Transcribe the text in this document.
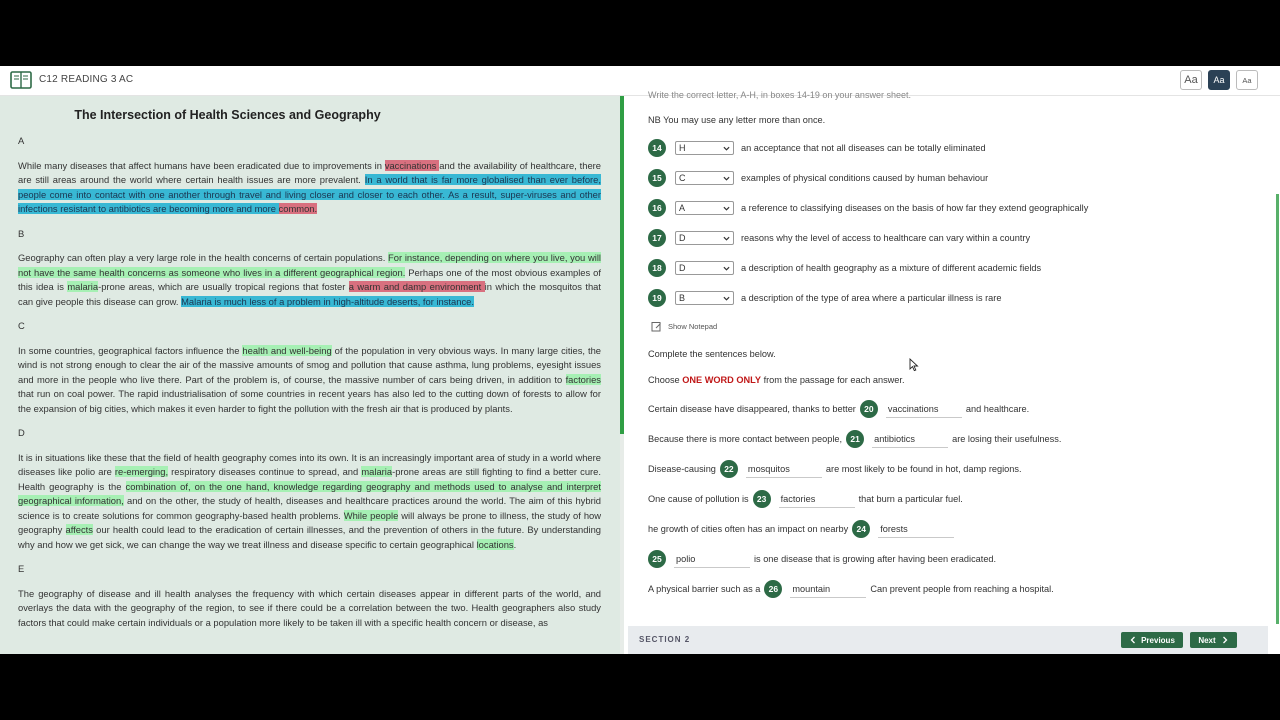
C12 READING 3 AC	Aa	Aa	Aa
The Intersection of Health Sciences and Geography
A
While many diseases that affect humans have been eradicated due to improvements in vaccinations and the availability of healthcare, there are still areas around the world where certain health issues are more prevalent. In a world that is far more globalised than ever before, people come into contact with one another through travel and living closer and closer to each other. As a result, super-viruses and other infections resistant to antibiotics are becoming more and more common.
B
Geography can often play a very large role in the health concerns of certain populations. For instance, depending on where you live, you will not have the same health concerns as someone who lives in a different geographical region. Perhaps one of the most obvious examples of this idea is malaria-prone areas, which are usually tropical regions that foster a warm and damp environment in which the mosquitos that can give people this disease can grow. Malaria is much less of a problem in high-altitude deserts, for instance.
C
In some countries, geographical factors influence the health and well-being of the population in very obvious ways. In many large cities, the wind is not strong enough to clear the air of the massive amounts of smog and pollution that cause asthma, lung problems, eyesight issues and more in the people who live there. Part of the problem is, of course, the massive number of cars being driven, in addition to factories that run on coal power. The rapid industrialisation of some countries in recent years has also led to the cutting down of forests to allow for the expansion of big cities, which makes it even harder to fight the pollution with the fresh air that is produced by plants.
D
It is in situations like these that the field of health geography comes into its own. It is an increasingly important area of study in a world where diseases like polio are re-emerging, respiratory diseases continue to spread, and malaria-prone areas are still fighting to find a better cure. Health geography is the combination of, on the one hand, knowledge regarding geography and methods used to analyse and interpret geographical information, and on the other, the study of health, diseases and healthcare practices around the world. The aim of this hybrid science is to create solutions for common geography-based health problems. While people will always be prone to illness, the study of how geography affects our health could lead to the eradication of certain illnesses, and the prevention of others in the future. By understanding why and how we get sick, we can change the way we treat illness and disease specific to certain geographical locations.
E
The geography of disease and ill health analyses the frequency with which certain diseases appear in different parts of the world, and overlays the data with the geography of the region, to see if there could be a correlation between the two. Health geographers also study factors that could make certain individuals or a population more likely to be taken ill with a specific health concern or disease, as
Write the correct letter, A-H, in boxes 14-19 on your answer sheet.
NB You may use any letter more than once.
14	H	an acceptance that not all diseases can be totally eliminated
15	C	examples of physical conditions caused by human behaviour
16	A	a reference to classifying diseases on the basis of how far they extend geographically
17	D	reasons why the level of access to healthcare can vary within a country
18	D	a description of health geography as a mixture of different academic fields
19	B	a description of the type of area where a particular illness is rare
Show Notepad
Complete the sentences below.
Choose ONE WORD ONLY from the passage for each answer.
Certain disease have disappeared, thanks to better 20	vaccinations	and healthcare.
Because there is more contact between people, 21	antibiotics	are losing their usefulness.
Disease-causing 22	mosquitos	are most likely to be found in hot, damp regions.
One cause of pollution is 23	factories	that burn a particular fuel.
he growth of cities often has an impact on nearby 24	forests
25	polio	is one disease that is growing after having been eradicated.
A physical barrier such as a 26	mountain	Can prevent people from reaching a hospital.
SECTION 2	Previous	Next
